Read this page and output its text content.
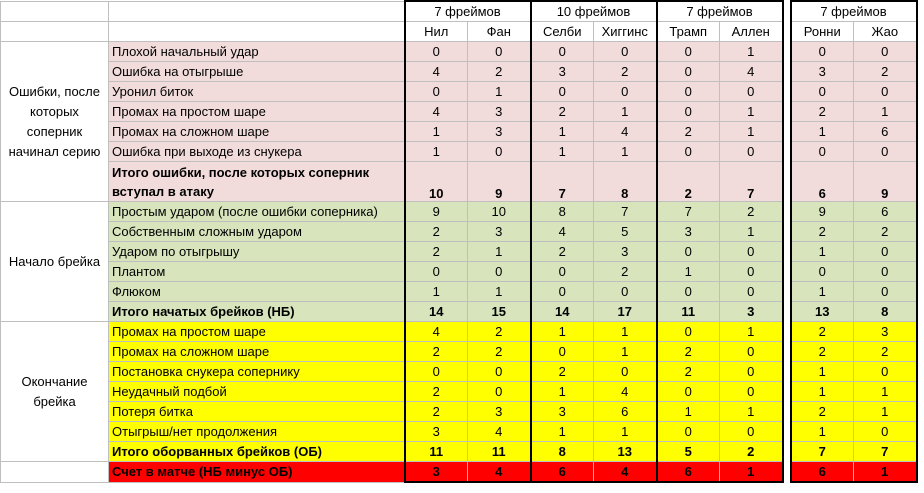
		7 фреймов		10 фреймов		7 фреймов			7 фреймов	
		Нил	Фан	Селби	Хиггинс	Трамп	Аллен		Ронни	Жао
Ошибки, после которых соперник начинал серию	Плохой начальный удар	0	0	0	0	0	1		0	0
	Ошибка на отыгрыше	4	2	3	2	0	4		3	2
	Уронил биток	0	1	0	0	0	0		0	0
	Промах на простом шаре	4	3	2	1	0	1		2	1
	Промах на сложном шаре	1	3	1	4	2	1		1	6
	Ошибка при выходе из снукера	1	0	1	1	0	0		0	0
	Итого ошибки, после которых соперник вступал в атаку	10	9	7	8	2	7		6	9
Начало брейка	Простым ударом (после ошибки соперника)	9	10	8	7	7	2		9	6
	Собственным сложным ударом	2	3	4	5	3	1		2	2
	Ударом по отыгрышу	2	1	2	3	0	0		1	0
	Плантом	0	0	0	2	1	0		0	0
	Флюком	1	1	0	0	0	0		1	0
	Итого начатых брейков (НБ)	14	15	14	17	11	3		13	8
Окончание брейка	Промах на простом шаре	4	2	1	1	0	1		2	3
	Промах на сложном шаре	2	2	0	1	2	0		2	2
	Постановка снукера сопернику	0	0	2	0	2	0		1	0
	Неудачный подбой	2	0	1	4	0	0		1	1
	Потеря битка	2	3	3	6	1	1		2	1
	Отыгрыш/нет продолжения	3	4	1	1	0	0		1	0
	Итого оборванных брейков (ОБ)	11	11	8	13	5	2		7	7
	Счет в матче (НБ минус ОБ)	3	4	6	4	6	1		6	1
